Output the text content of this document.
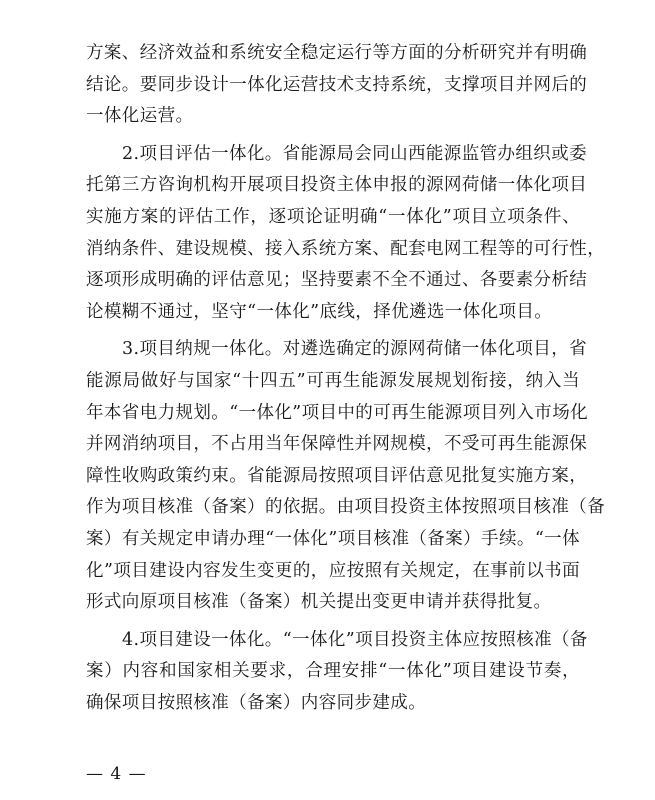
方案、经济效益和系统安全稳定运行等方面的分析研究并有明确
结论。要同步设计一体化运营技术支持系统，支撑项目并网后的
一体化运营。
2.项目评估一体化。省能源局会同山西能源监管办组织或委
托第三方咨询机构开展项目投资主体申报的源网荷储一体化项目
实施方案的评估工作，逐项论证明确“一体化”项目立项条件、
消纳条件、建设规模、接入系统方案、配套电网工程等的可行性，
逐项形成明确的评估意见；坚持要素不全不通过、各要素分析结
论模糊不通过，坚守“一体化”底线，择优遴选一体化项目。
3.项目纳规一体化。对遴选确定的源网荷储一体化项目，省
能源局做好与国家“十四五”可再生能源发展规划衔接，纳入当
年本省电力规划。“一体化”项目中的可再生能源项目列入市场化
并网消纳项目，不占用当年保障性并网规模，不受可再生能源保
障性收购政策约束。省能源局按照项目评估意见批复实施方案，
作为项目核准（备案）的依据。由项目投资主体按照项目核准（备
案）有关规定申请办理“一体化”项目核准（备案）手续。“一体
化”项目建设内容发生变更的，应按照有关规定，在事前以书面
形式向原项目核准（备案）机关提出变更申请并获得批复。
4.项目建设一体化。“一体化”项目投资主体应按照核准（备
案）内容和国家相关要求，合理安排“一体化”项目建设节奏，
确保项目按照核准（备案）内容同步建成。
— 4 —
